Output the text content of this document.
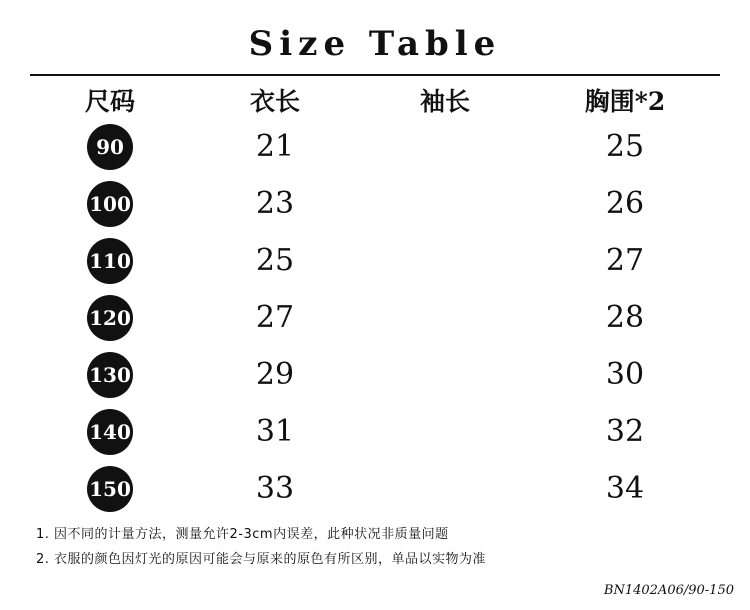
Size Table
尺码	衣长	袖长	胸围*2
90	21		25
100	23		26
110	25		27
120	27		28
130	29		30
140	31		32
150	33		34
1. 因不同的计量方法，测量允许2-3cm内误差，此种状况非质量问题
2. 衣服的颜色因灯光的原因可能会与原来的原色有所区别，单品以实物为准
BN1402A06/90-150
